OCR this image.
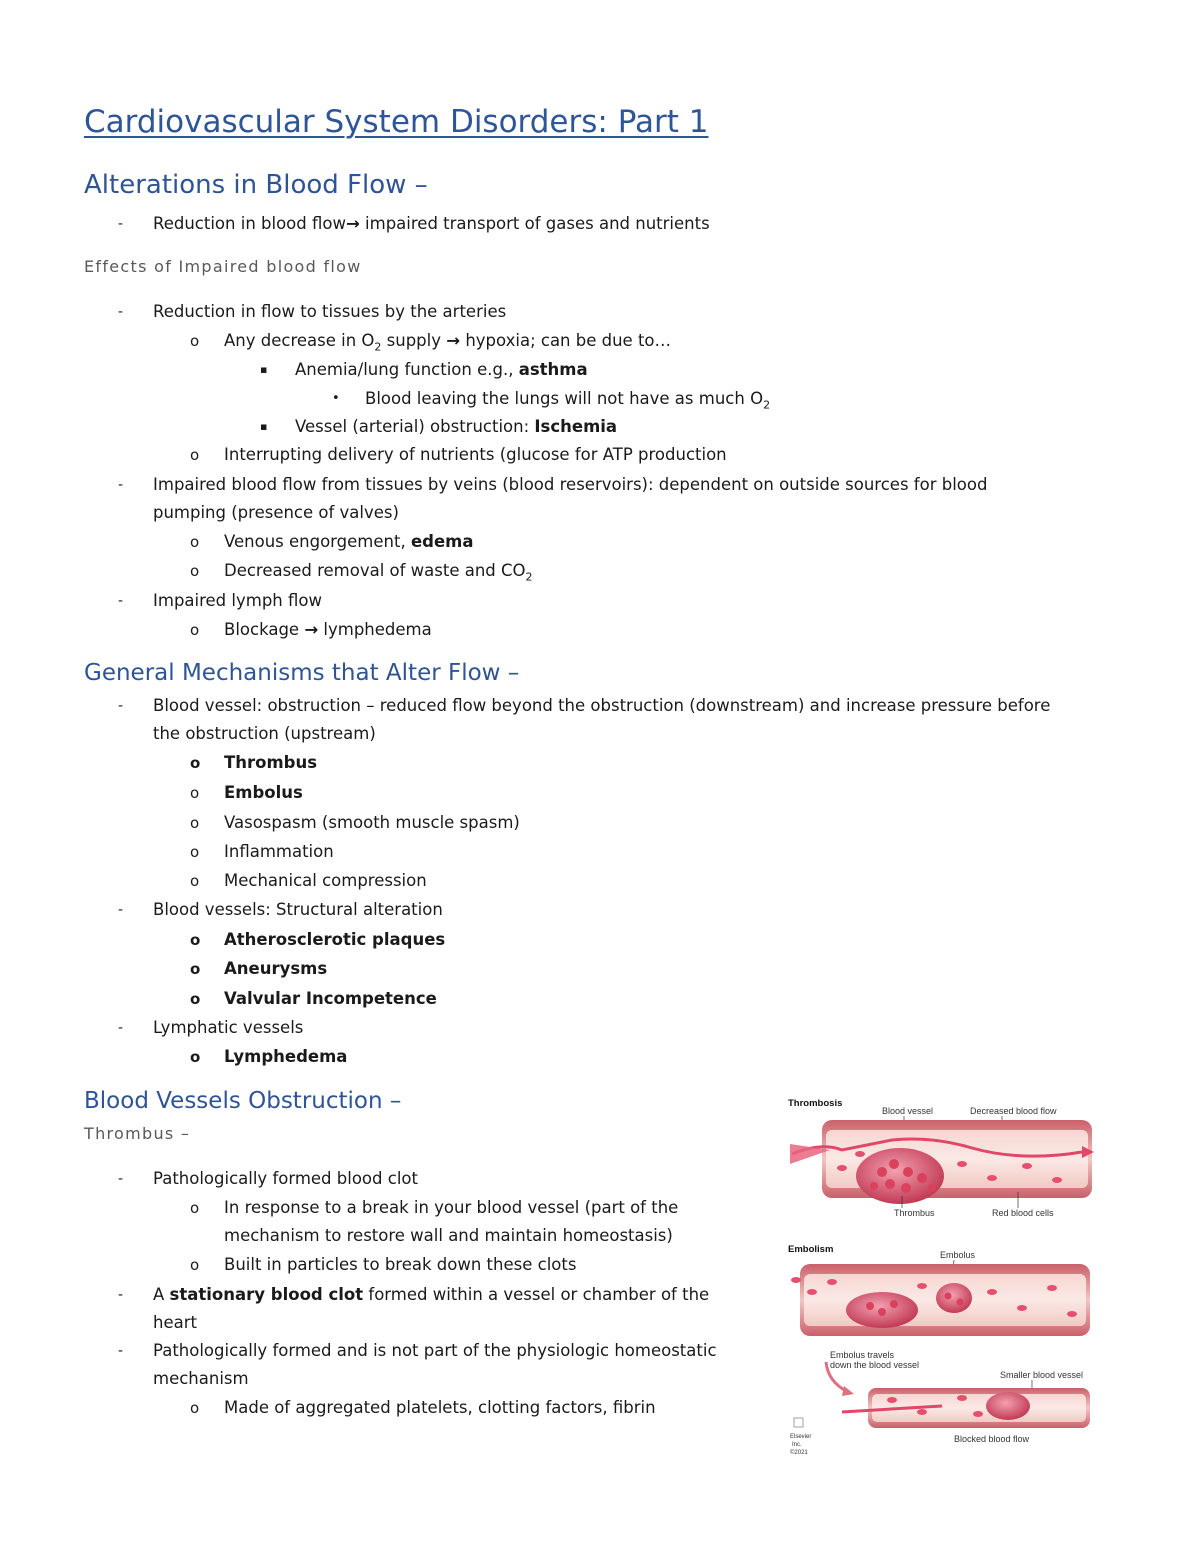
Cardiovascular System Disorders: Part 1
Alterations in Blood Flow –
- Reduction in blood flow→ impaired transport of gases and nutrients
Effects of Impaired blood flow
- Reduction in flow to tissues by the arteries
o Any decrease in $O_2$ supply → hypoxia; can be due to…
▪ Anemia/lung function e.g., asthma
• Blood leaving the lungs will not have as much $O_2$
▪ Vessel (arterial) obstruction: Ischemia
o Interrupting delivery of nutrients (glucose for ATP production
- Impaired blood flow from tissues by veins (blood reservoirs): dependent on outside sources for blood
pumping (presence of valves)
o Venous engorgement, edema
o Decreased removal of waste and $CO_2$
- Impaired lymph flow
o Blockage → lymphedema
General Mechanisms that Alter Flow –
- Blood vessel: obstruction – reduced flow beyond the obstruction (downstream) and increase pressure before
the obstruction (upstream)
o Thrombus
o Embolus
o Vasospasm (smooth muscle spasm)
o Inflammation
o Mechanical compression
- Blood vessels: Structural alteration
o Atherosclerotic plaques
o Aneurysms
o Valvular Incompetence
- Lymphatic vessels
o Lymphedema
Blood Vessels Obstruction –
Thrombus –
- Pathologically formed blood clot
o In response to a break in your blood vessel (part of the
mechanism to restore wall and maintain homeostasis)
o Built in particles to break down these clots
- A stationary blood clot formed within a vessel or chamber of the
heart
- Pathologically formed and is not part of the physiologic homeostatic
mechanism
o Made of aggregated platelets, clotting factors, fibrin
Thrombosis
Blood vessel	Decreased blood flow
Thrombus	Red blood cells
Embolism	Embolus
Embolus travels
down the blood vessel
Smaller blood vessel
Blocked blood flow
Elsevier
Inc.
©2021
